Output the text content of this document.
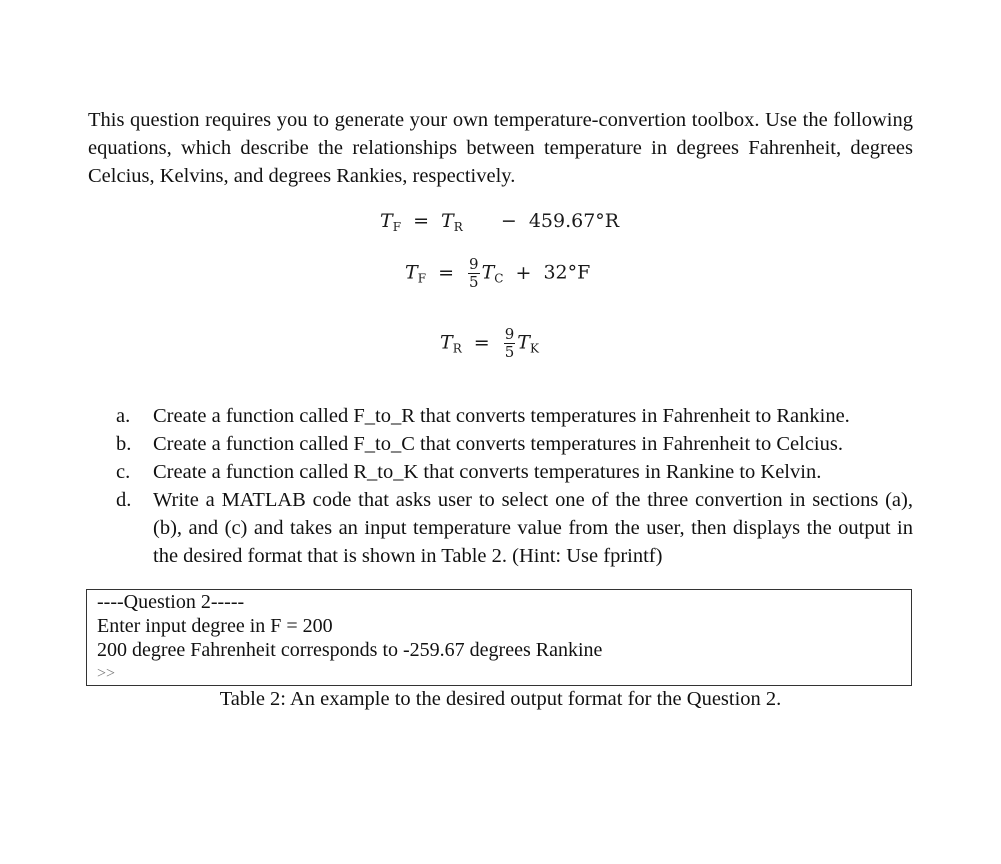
This question requires you to generate your own temperature-convertion toolbox. Use the following equations, which describe the relationships between temperature in degrees Fahrenheit, degrees Celcius, Kelvins, and degrees Rankies, respectively.

$T_F = T_R - 459.67^\circ R$
$T_F = \frac{9}{5} T_C + 32^\circ F$
$T_R = \frac{9}{5} T_K$
a. Create a function called F_to_R that converts temperatures in Fahrenheit to Rankine.
b. Create a function called F_to_C that converts temperatures in Fahrenheit to Celcius.
c. Create a function called R_to_K that converts temperatures in Rankine to Kelvin.
d. Write a MATLAB code that asks user to select one of the three convertion in sections (a), (b), and (c) and takes an input temperature value from the user, then displays the output in the desired format that is shown in Table 2. (Hint: Use fprintf)
----Question 2-----
Enter input degree in F = 200
200 degree Fahrenheit corresponds to -259.67 degrees Rankine
>>
Table 2: An example to the desired output format for the Question 2.
